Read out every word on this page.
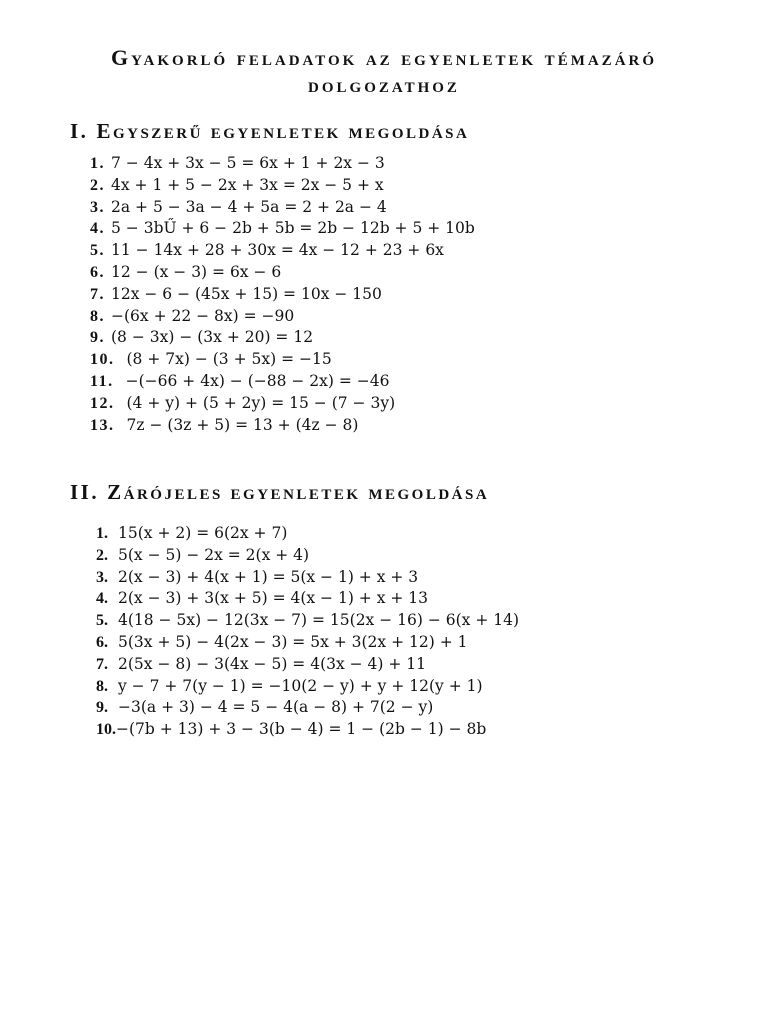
Gyakorló feladatok az egyenletek témazáró
dolgozathoz
I. Egyszerű egyenletek megoldása
1. 7 − 4x + 3x − 5 = 6x + 1 + 2x − 3
2. 4x + 1 + 5 − 2x + 3x = 2x − 5 + x
3. 2a + 5 − 3a − 4 + 5a = 2 + 2a − 4
4. 5 − 3bŰ + 6 − 2b + 5b = 2b − 12b + 5 + 10b
5. 11 − 14x + 28 + 30x = 4x − 12 + 23 + 6x
6. 12 − (x − 3) = 6x − 6
7. 12x − 6 − (45x + 15) = 10x − 150
8. −(6x + 22 − 8x) = −90
9. (8 − 3x) − (3x + 20) = 12
10. (8 + 7x) − (3 + 5x) = −15
11. −(−66 + 4x) − (−88 − 2x) = −46
12. (4 + y) + (5 + 2y) = 15 − (7 − 3y)
13. 7z − (3z + 5) = 13 + (4z − 8)
II. Zárójeles egyenletek megoldása
1. 15(x + 2) = 6(2x + 7)
2. 5(x − 5) − 2x = 2(x + 4)
3. 2(x − 3) + 4(x + 1) = 5(x − 1) + x + 3
4. 2(x − 3) + 3(x + 5) = 4(x − 1) + x + 13
5. 4(18 − 5x) − 12(3x − 7) = 15(2x − 16) − 6(x + 14)
6. 5(3x + 5) − 4(2x − 3) = 5x + 3(2x + 12) + 1
7. 2(5x − 8) − 3(4x − 5) = 4(3x − 4) + 11
8. y − 7 + 7(y − 1) = −10(2 − y) + y + 12(y + 1)
9. −3(a + 3) − 4 = 5 − 4(a − 8) + 7(2 − y)
10. −(7b + 13) + 3 − 3(b − 4) = 1 − (2b − 1) − 8b
